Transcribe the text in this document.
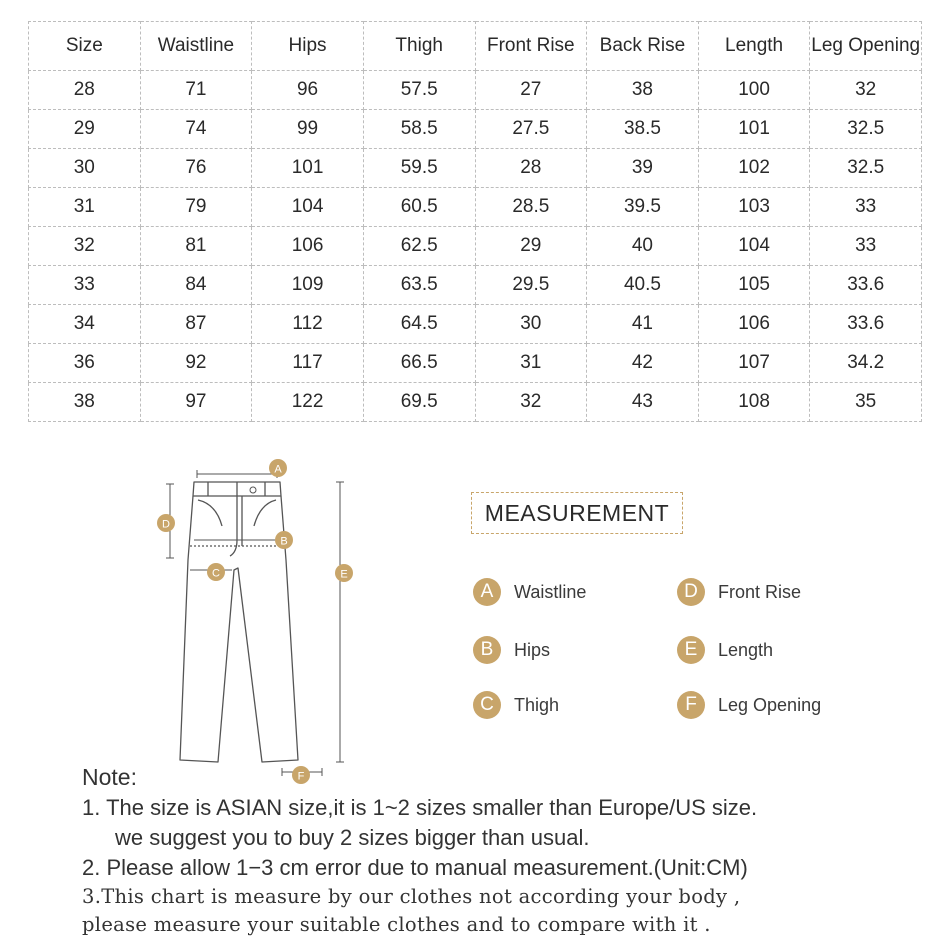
Size	Waistline	Hips	Thigh	Front Rise	Back Rise	Length	Leg Opening
28	71	96	57.5	27	38	100	32
29	74	99	58.5	27.5	38.5	101	32.5
30	76	101	59.5	28	39	102	32.5
31	79	104	60.5	28.5	39.5	103	33
32	81	106	62.5	29	40	104	33
33	84	109	63.5	29.5	40.5	105	33.6
34	87	112	64.5	30	41	106	33.6
36	92	117	66.5	31	42	107	34.2
38	97	122	69.5	32	43	108	35
A
B
C
D
E
F
MEASUREMENT
A	Waistline
B	Hips
C	Thigh
D	Front Rise
E	Length
F	Leg Opening
Note:
1. The size is ASIAN size,it is 1~2 sizes smaller than Europe/US size.
we suggest you to buy 2 sizes bigger than usual.
2. Please allow 1−3 cm error due to manual measurement.(Unit:CM)
3.This chart is measure by our clothes not according your body ,
please measure your suitable clothes and to compare with it .
